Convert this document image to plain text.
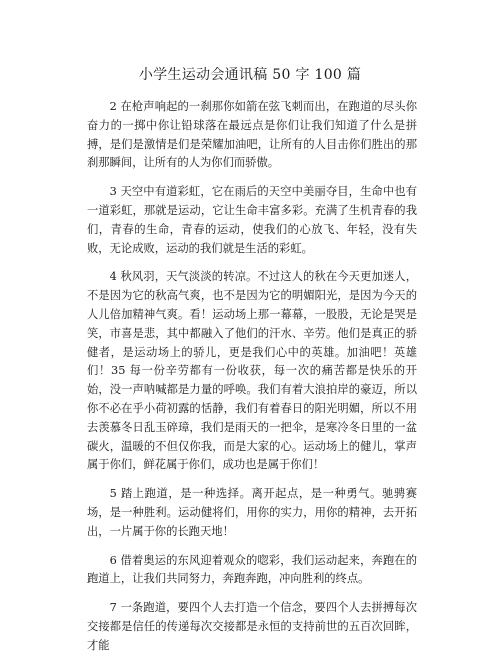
小学生运动会通讯稿 50 字 100 篇

2 在枪声响起的一刹那你如箭在弦飞刺而出，在跑道的尽头你奋力的一掷中你让铅球落在最远点是你们让我们知道了什么是拼搏，是们是激情是们是荣耀加油吧，让所有的人目击你们胜出的那刹那瞬间，让所有的人为你们而骄傲。

3 天空中有道彩虹，它在雨后的天空中美丽夺目，生命中也有一道彩虹，那就是运动，它让生命丰富多彩。充满了生机青春的我们，青春的生命，青春的运动，使我们的心放飞、年轻，没有失败，无论成败，运动的我们就是生活的彩虹。

4 秋风羽，天气淡淡的转凉。不过这人的秋在今天更加迷人，不是因为它的秋高气爽，也不是因为它的明媚阳光，是因为今天的人儿倍加精神气爽。看！运动场上那一幕幕，一股股，无论是哭是笑，市喜是悲，其中都融入了他们的汗水、辛劳。他们是真正的骄健者，是运动场上的骄儿，更是我们心中的英雄。加油吧！英雄们！35 每一份辛劳都有一份收获，每一次的痛苦都是快乐的开始，没一声呐喊都是力量的呼唤。我们有着大浪拍岸的豪迈，所以你不必在乎小荷初露的恬静，我们有着春日的阳光明媚，所以不用去羡慕冬日乱玉碎璋，我们是雨天的一把伞，是寒冷冬日里的一盆碳火，温暖的不但仅你我，而是大家的心。运动场上的健儿，掌声属于你们，鲜花属于你们，成功也是属于你们！

5 踏上跑道，是一种选择。离开起点，是一种勇气。驰骋赛场，是一种胜利。运动健将们，用你的实力，用你的精神，去开拓出，一片属于你的长跑天地！

6 借着奥运的东风迎着观众的唿彩，我们运动起来，奔跑在的跑道上，让我们共同努力，奔跑奔跑，冲向胜利的终点。

7 一条跑道，要四个人去打造一个信念，要四个人去拼搏每次交接都是信任的传递每次交接都是永恒的支持前世的五百次回眸，才能
